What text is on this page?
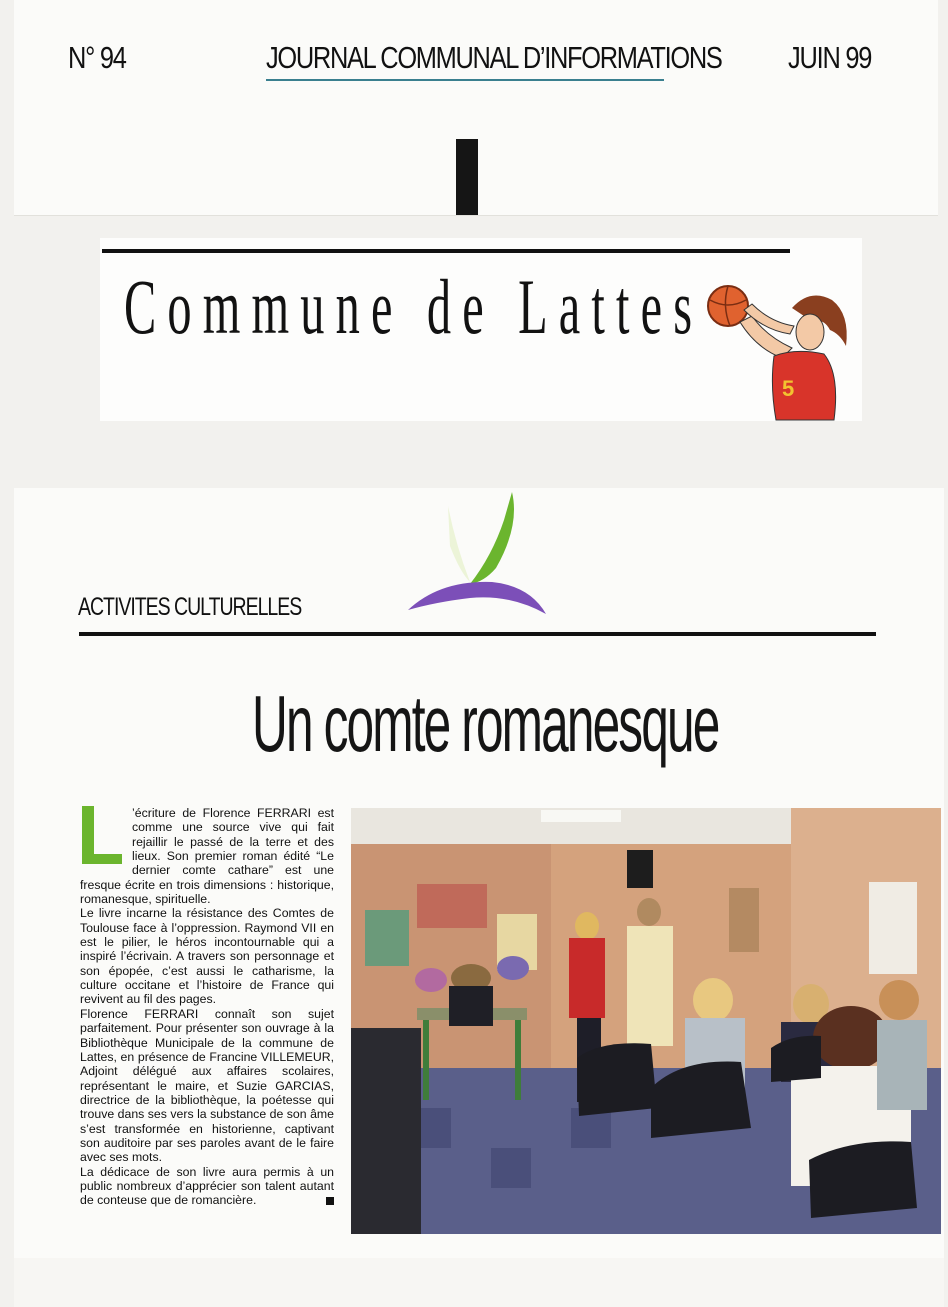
N° 94	JOURNAL COMMUNAL D’INFORMATIONS JUIN 99
Commune de Lattes
5
ACTIVITES CULTURELLES
Un comte romanesque

’écriture de Florence FERRARI est comme une source vive qui fait rejaillir le passé de la terre et des lieux. Son premier roman édité “Le dernier comte cathare” est une fresque écrite en trois dimensions : historique, romanesque, spirituelle.

Le livre incarne la résistance des Comtes de Toulouse face à l’oppression. Raymond VII en est le pilier, le héros incontournable qui a inspiré l’écrivain. A travers son personnage et son épopée, c’est aussi le catharisme, la culture occitane et l’histoire de France qui revivent au fil des pages.

Florence FERRARI connaît son sujet parfaitement. Pour présenter son ouvrage à la Bibliothèque Municipale de la commune de Lattes, en présence de Francine VILLEMEUR, Adjoint délégué aux affaires scolaires, représentant le maire, et Suzie GARCIAS, directrice de la bibliothèque, la poétesse qui trouve dans ses vers la substance de son âme s’est transformée en historienne, captivant son auditoire par ses paroles avant de le faire avec ses mots.

La dédicace de son livre aura permis à un public nombreux d’apprécier son talent autant de conteuse que de romancière.
